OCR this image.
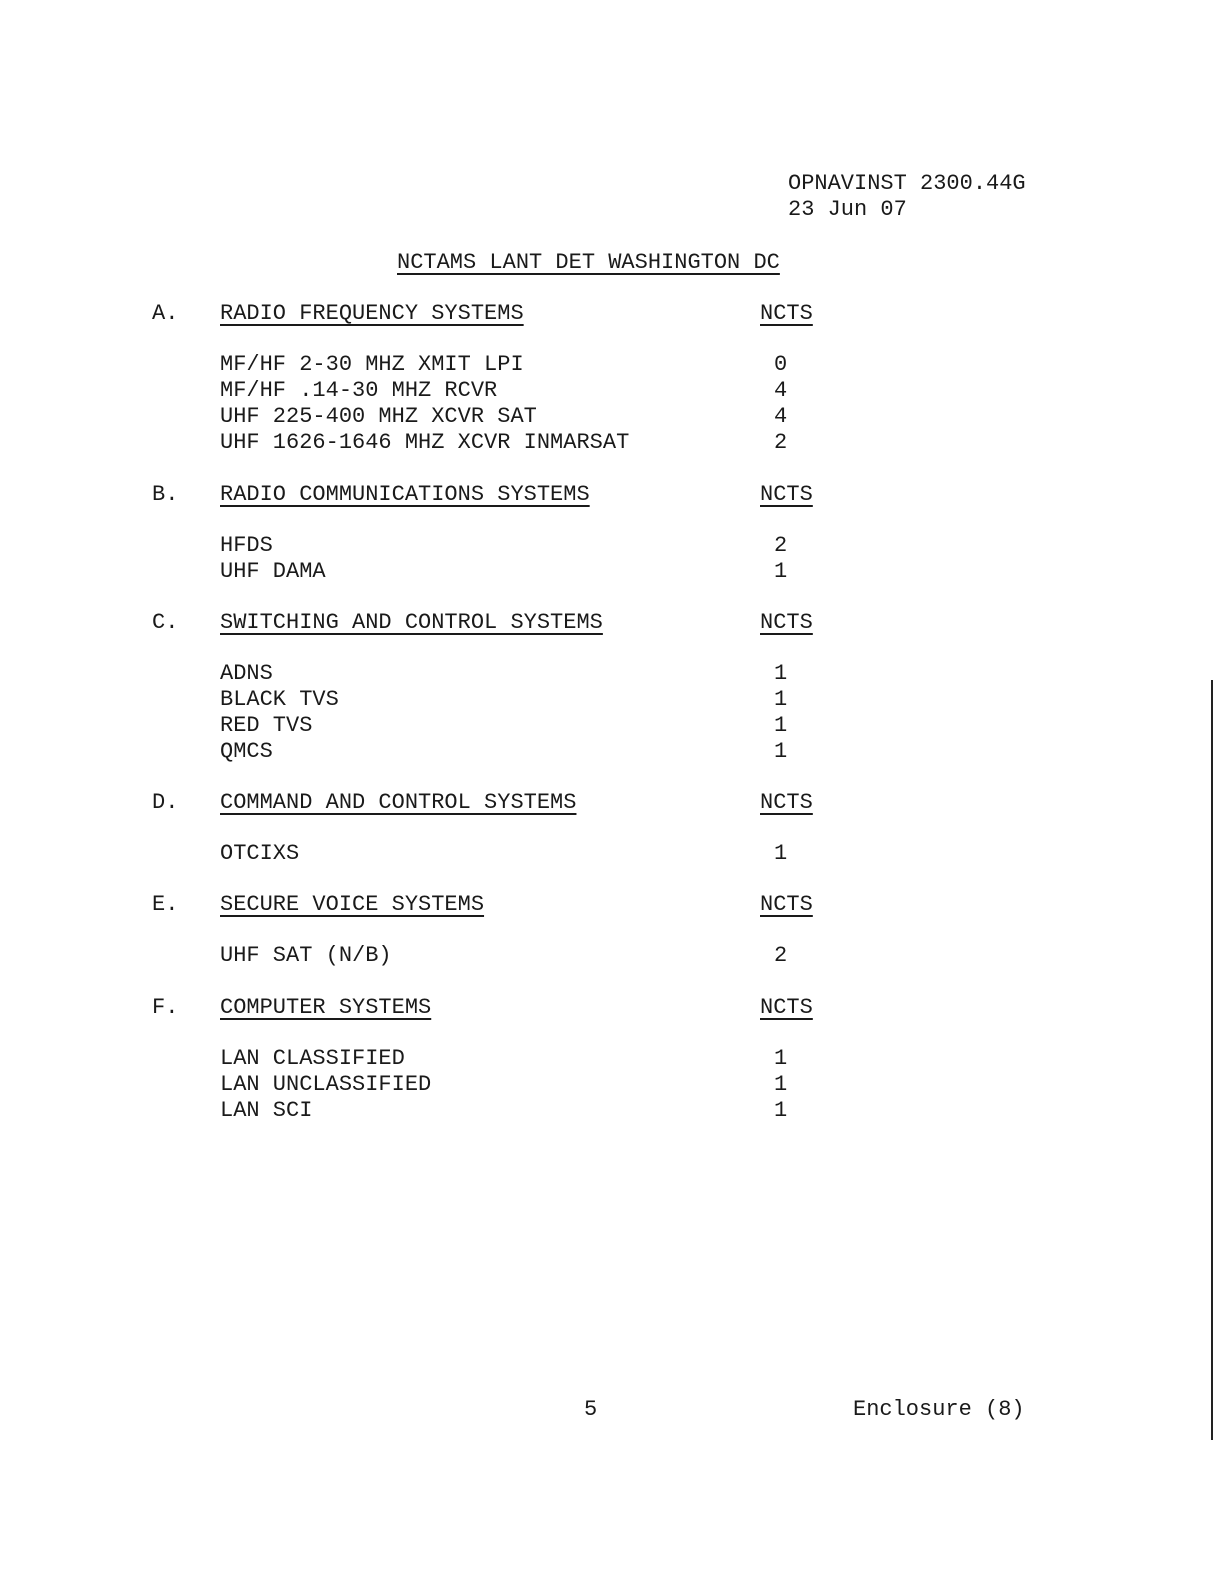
OPNAVINST 2300.44G
23 Jun 07
NCTAMS LANT DET WASHINGTON DC
A. RADIO FREQUENCY SYSTEMS	NCTS
MF/HF 2-30 MHZ XMIT LPI	0
MF/HF .14-30 MHZ RCVR	4
UHF 225-400 MHZ XCVR SAT	4
UHF 1626-1646 MHZ XCVR INMARSAT	2
B. RADIO COMMUNICATIONS SYSTEMS	NCTS
HFDS	2
UHF DAMA	1
C. SWITCHING AND CONTROL SYSTEMS	NCTS
ADNS	1
BLACK TVS	1
RED TVS	1
QMCS	1
D. COMMAND AND CONTROL SYSTEMS	NCTS
OTCIXS	1
E. SECURE VOICE SYSTEMS	NCTS
UHF SAT (N/B)	2
F. COMPUTER SYSTEMS	NCTS
LAN CLASSIFIED	1
LAN UNCLASSIFIED	1
LAN SCI	1
5	Enclosure (8)
